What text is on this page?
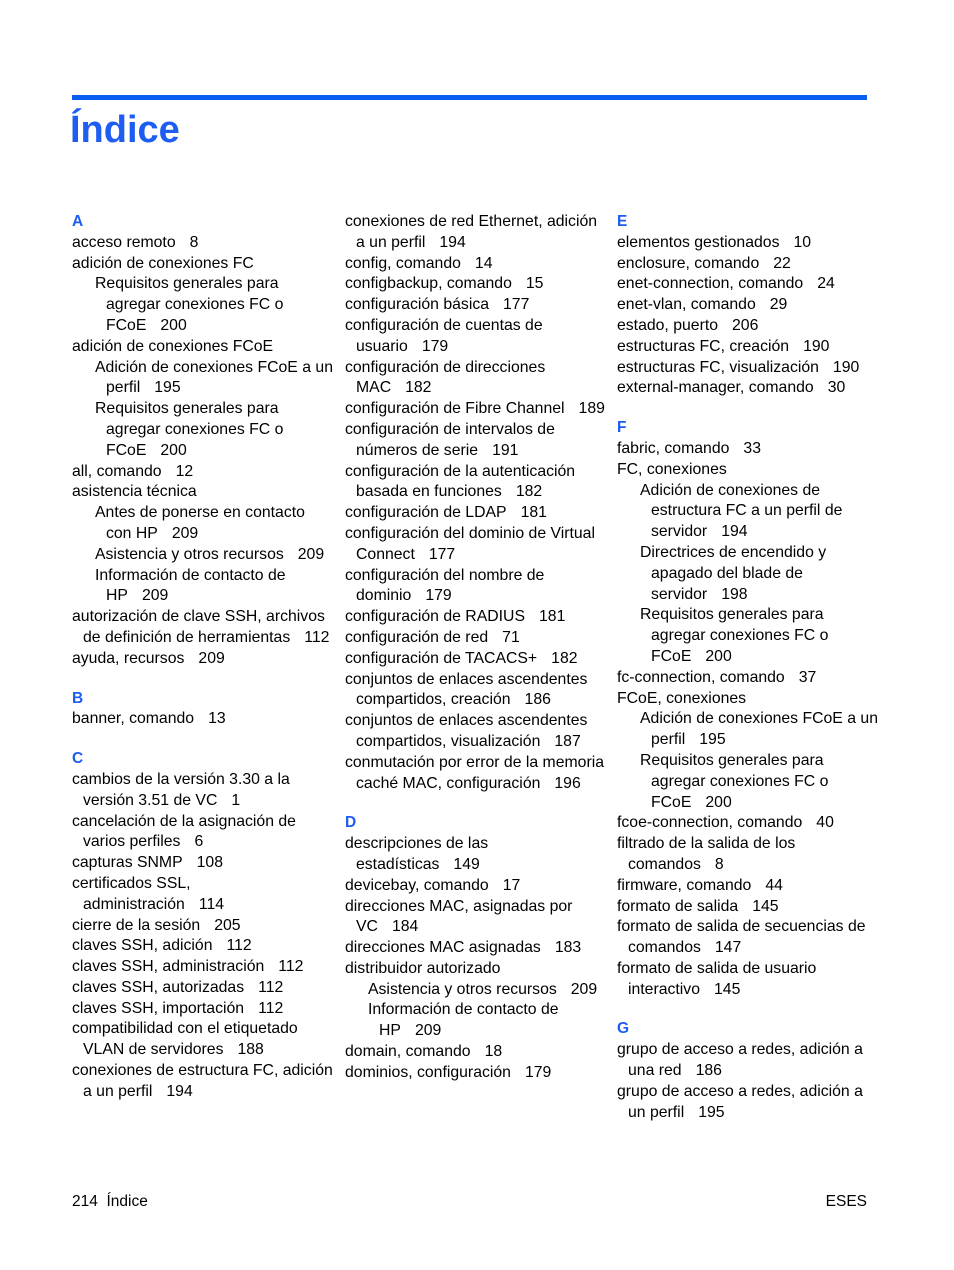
Índice
A
acceso remoto 8
adición de conexiones FC
Requisitos generales para agregar conexiones FC o FCoE 200
adición de conexiones FCoE
Adición de conexiones FCoE a un perfil 195
Requisitos generales para agregar conexiones FC o FCoE 200
all, comando 12
asistencia técnica
Antes de ponerse en contacto con HP 209
Asistencia y otros recursos 209
Información de contacto de HP 209
autorización de clave SSH, archivos de definición de herramientas 112
ayuda, recursos 209
B
banner, comando 13
C
cambios de la versión 3.30 a la versión 3.51 de VC 1
cancelación de la asignación de varios perfiles 6
capturas SNMP 108
certificados SSL, administración 114
cierre de la sesión 205
claves SSH, adición 112
claves SSH, administración 112
claves SSH, autorizadas 112
claves SSH, importación 112
compatibilidad con el etiquetado VLAN de servidores 188
conexiones de estructura FC, adición a un perfil 194
conexiones de red Ethernet, adición a un perfil 194
config, comando 14
configbackup, comando 15
configuración básica 177
configuración de cuentas de usuario 179
configuración de direcciones MAC 182
configuración de Fibre Channel 189
configuración de intervalos de números de serie 191
configuración de la autenticación basada en funciones 182
configuración de LDAP 181
configuración del dominio de Virtual Connect 177
configuración del nombre de dominio 179
configuración de RADIUS 181
configuración de red 71
configuración de TACACS+ 182
conjuntos de enlaces ascendentes compartidos, creación 186
conjuntos de enlaces ascendentes compartidos, visualización 187
conmutación por error de la memoria caché MAC, configuración 196
D
descripciones de las estadísticas 149
devicebay, comando 17
direcciones MAC, asignadas por VC 184
direcciones MAC asignadas 183
distribuidor autorizado
Asistencia y otros recursos 209
Información de contacto de HP 209
domain, comando 18
dominios, configuración 179
E
elementos gestionados 10
enclosure, comando 22
enet-connection, comando 24
enet-vlan, comando 29
estado, puerto 206
estructuras FC, creación 190
estructuras FC, visualización 190
external-manager, comando 30
F
fabric, comando 33
FC, conexiones
Adición de conexiones de estructura FC a un perfil de servidor 194
Directrices de encendido y apagado del blade de servidor 198
Requisitos generales para agregar conexiones FC o FCoE 200
fc-connection, comando 37
FCoE, conexiones
Adición de conexiones FCoE a un perfil 195
Requisitos generales para agregar conexiones FC o FCoE 200
fcoe-connection, comando 40
filtrado de la salida de los comandos 8
firmware, comando 44
formato de salida 145
formato de salida de secuencias de comandos 147
formato de salida de usuario interactivo 145
G
grupo de acceso a redes, adición a una red 186
grupo de acceso a redes, adición a un perfil 195
214 Índice	ESES
